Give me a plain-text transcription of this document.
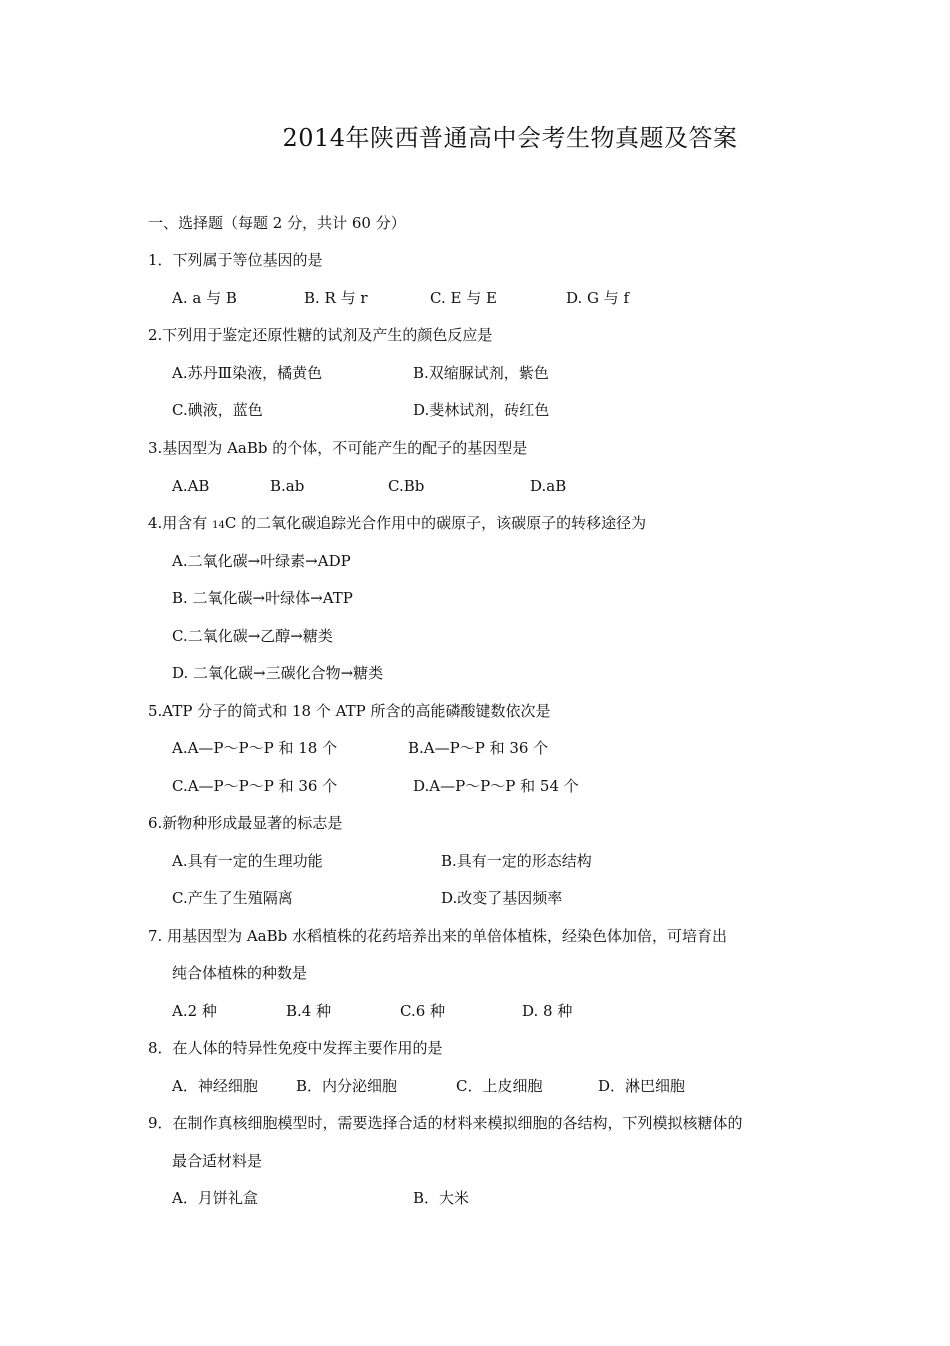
2014年陕西普通高中会考生物真题及答案
一、选择题（每题 2 分，共计 60 分）
1．下列属于等位基因的是
A. a 与 B	B. R 与 r	C. E 与 E	D. G 与 f
2.下列用于鉴定还原性糖的试剂及产生的颜色反应是
A.苏丹Ⅲ染液，橘黄色	B.双缩脲试剂，紫色
C.碘液，蓝色	D.斐林试剂，砖红色
3.基因型为 AaBb 的个体，不可能产生的配子的基因型是
A.AB	B.ab	C.Bb	D.aB
4.用含有 14C 的二氧化碳追踪光合作用中的碳原子，该碳原子的转移途径为
A.二氧化碳→叶绿素→ADP
B. 二氧化碳→叶绿体→ATP
C.二氧化碳→乙醇→糖类
D. 二氧化碳→三碳化合物→糖类
5.ATP 分子的简式和 18 个 ATP 所含的高能磷酸键数依次是
A.A—P～P～P 和 18 个	B.A—P～P 和 36 个
C.A—P～P～P 和 36 个	D.A—P～P～P 和 54 个
6.新物种形成最显著的标志是
A.具有一定的生理功能	B.具有一定的形态结构
C.产生了生殖隔离	D.改变了基因频率
7. 用基因型为 AaBb 水稻植株的花药培养出来的单倍体植株，经染色体加倍，可培育出
纯合体植株的种数是
A.2 种	B.4 种	C.6 种	D. 8 种
8．在人体的特异性免疫中发挥主要作用的是
A．神经细胞	B．内分泌细胞	C．上皮细胞	D．淋巴细胞
9．在制作真核细胞模型时，需要选择合适的材料来模拟细胞的各结构，下列模拟核糖体的
最合适材料是
A．月饼礼盒	B．大米
